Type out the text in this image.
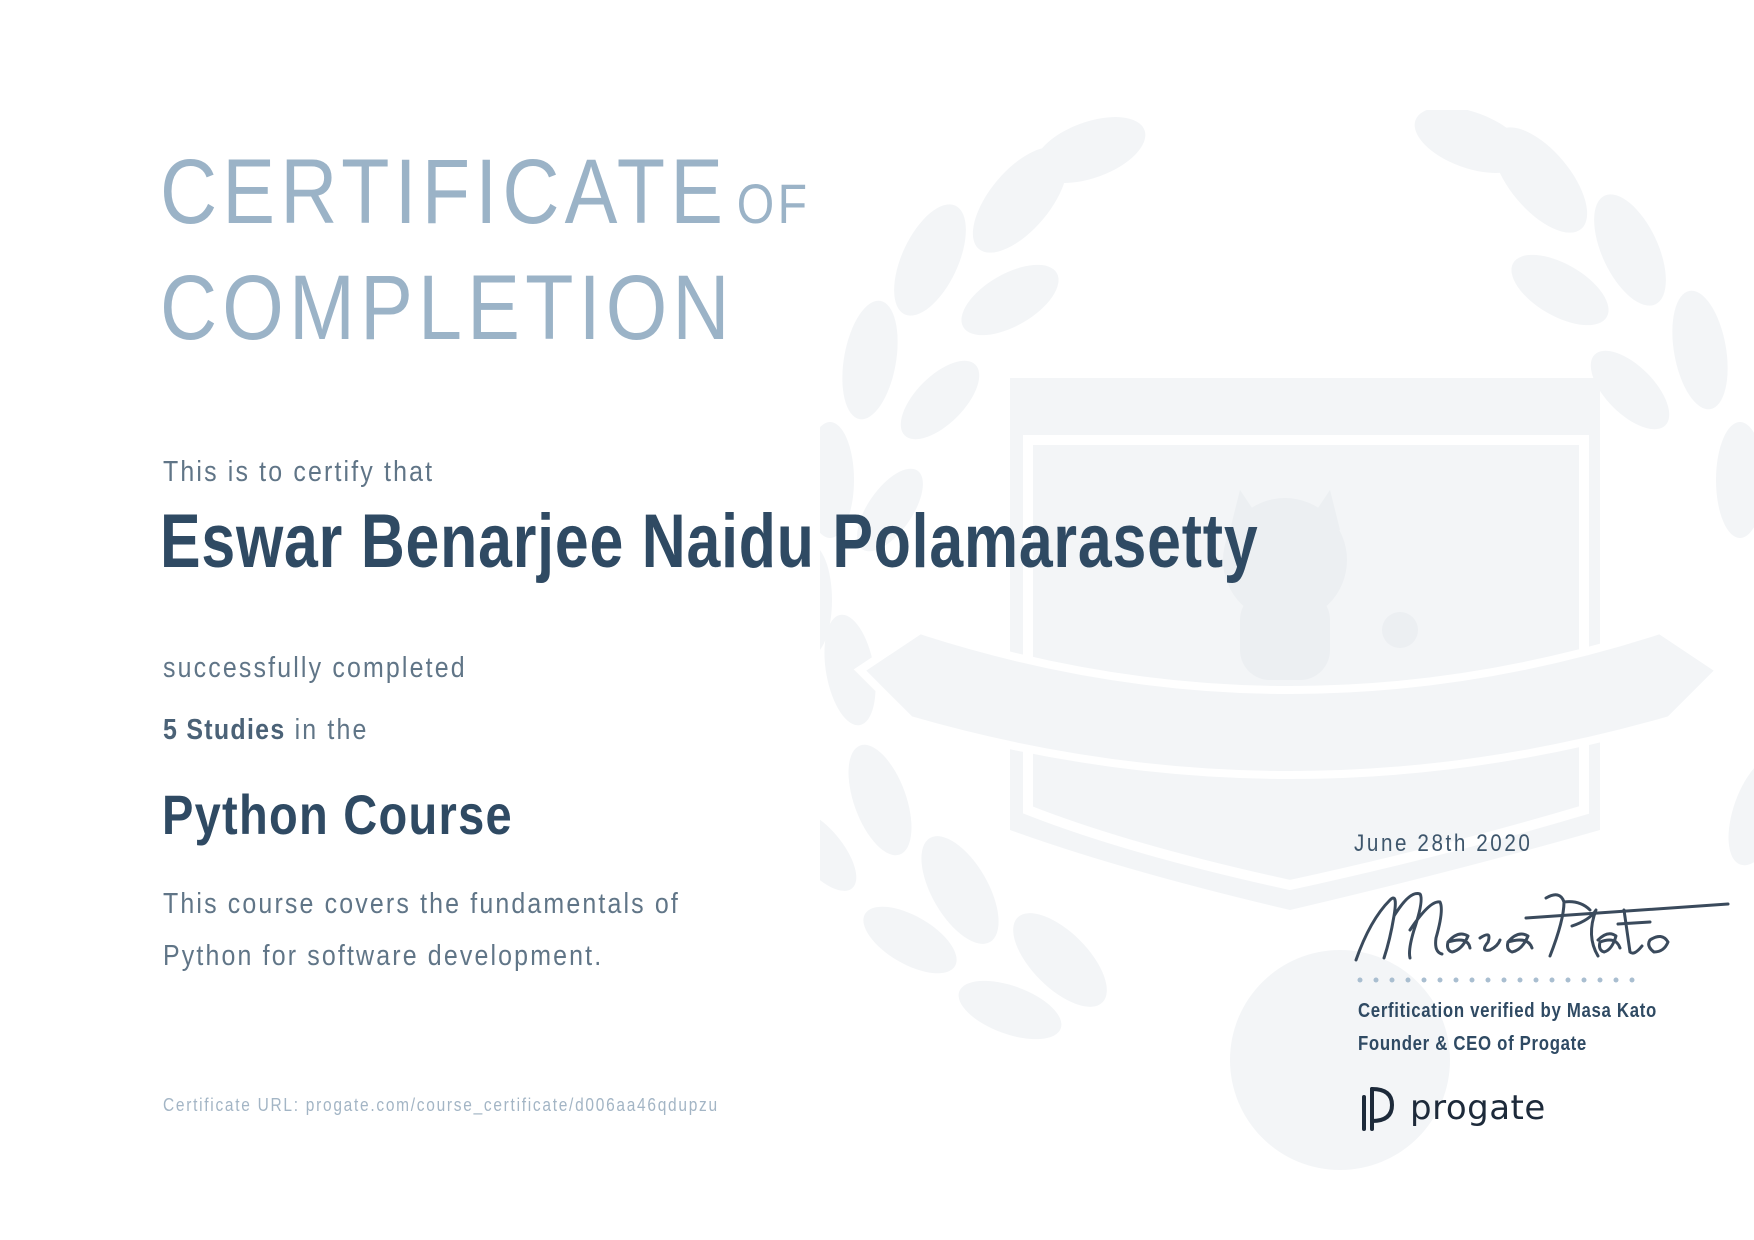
CERTIFICATE OF
COMPLETION
This is to certify that
Eswar Benarjee Naidu Polamarasetty
successfully completed
5 Studies in the
Python Course
This course covers the fundamentals of
Python for software development.
Certificate URL: progate.com/course_certificate/d006aa46qdupzu
June 28th 2020
Cerfitication verified by Masa Kato
Founder & CEO of Progate
progate
